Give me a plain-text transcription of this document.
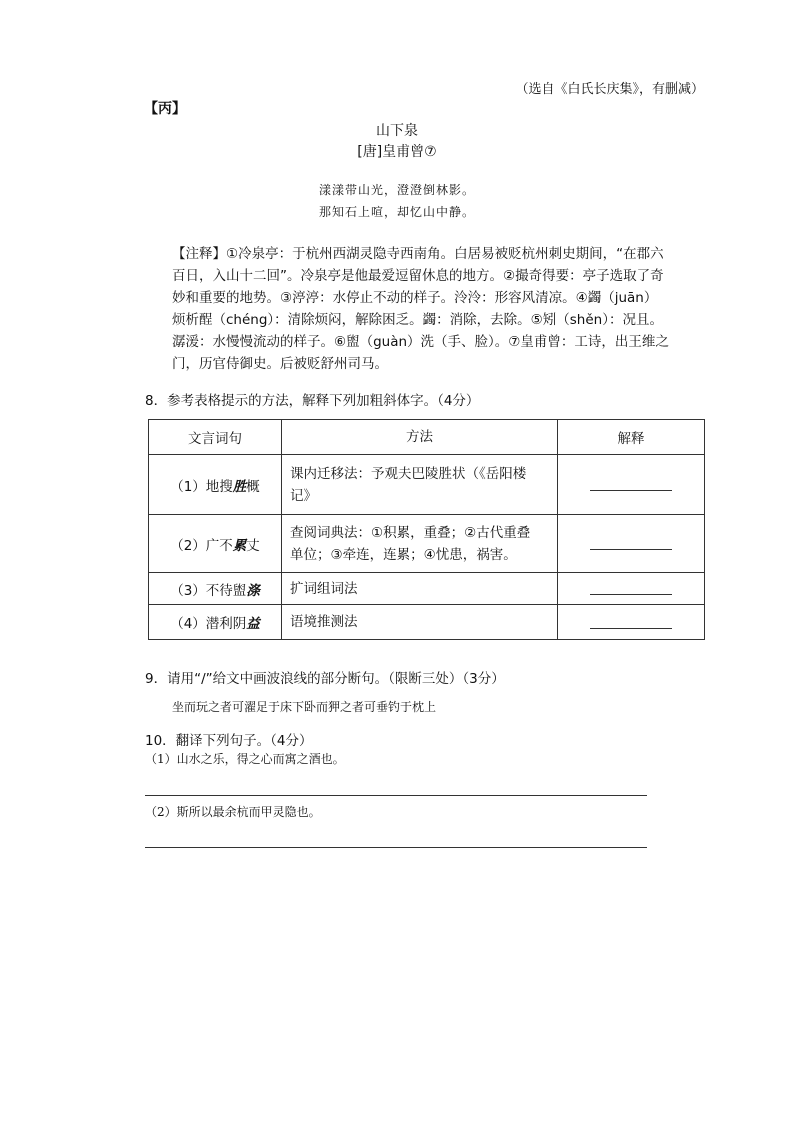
（选自《白氏长庆集》，有删减）
【丙】
山下泉
[唐]皇甫曾⑦
漾漾带山光，澄澄倒林影。
那知石上喧，却忆山中静。
【注释】①冷泉亭：于杭州西湖灵隐寺西南角。白居易被贬杭州刺史期间，“在郡六
百日，入山十二回”。冷泉亭是他最爱逗留休息的地方。②撮奇得要：亭子选取了奇
妙和重要的地势。③渟渟：水停止不动的样子。泠泠：形容风清凉。④蠲（juān）
烦析酲（chéng）：清除烦闷，解除困乏。蠲：消除，去除。⑤矧（shěn）：况且。
潺湲：水慢慢流动的样子。⑥盥（guàn）洗（手、脸）。⑦皇甫曾：工诗，出王维之
门，历官侍御史。后被贬舒州司马。
8．参考表格提示的方法，解释下列加粗斜体字。（4分）
文言词句	方法	解释
（1）地搜胜概	课内迁移法：予观夫巴陵胜状（《岳阳楼
记》	

（2）广不累丈	查阅词典法：①积累，重叠；②古代重叠
单位；③牵连，连累；④忧患，祸害。	

（3）不待盥涤	扩词组词法	

（4）潜利阴益	语境推测法	

9．请用“/”给文中画波浪线的部分断句。（限断三处）（3分）
坐而玩之者可濯足于床下卧而狎之者可垂钓于枕上
10．翻译下列句子。（4分）
（1）山水之乐，得之心而寓之酒也。
（2）斯所以最余杭而甲灵隐也。
